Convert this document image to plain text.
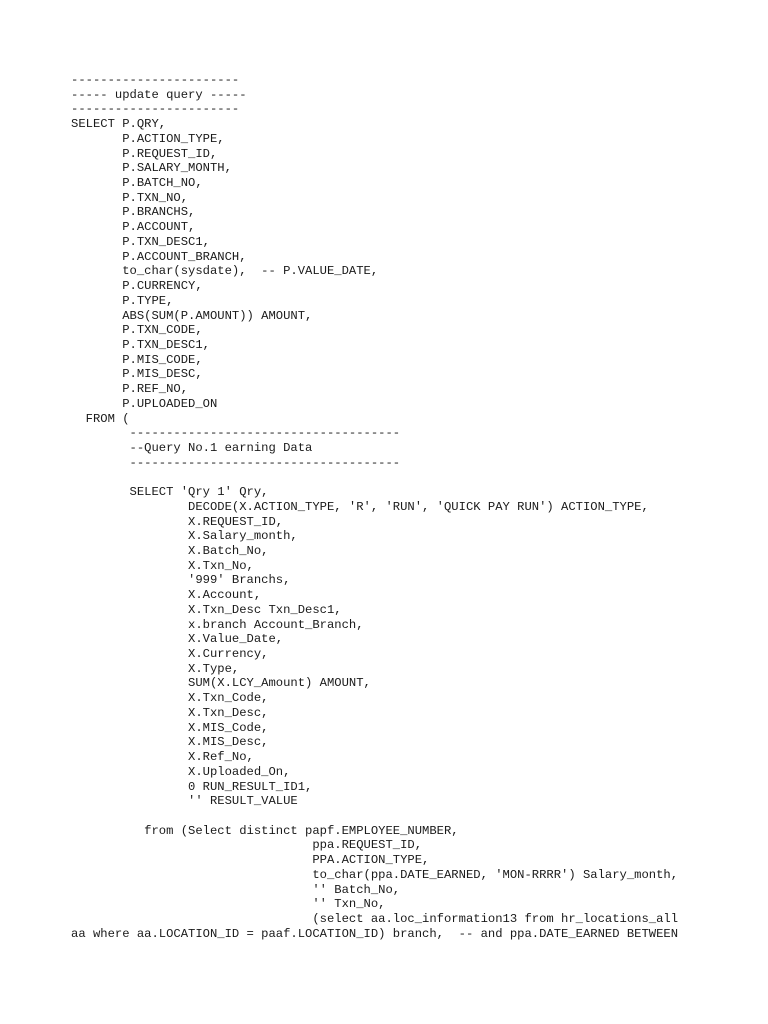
-----------------------
----- update query -----
-----------------------
SELECT P.QRY,
P.ACTION_TYPE,
P.REQUEST_ID,
P.SALARY_MONTH,
P.BATCH_NO,
P.TXN_NO,
P.BRANCHS,
P.ACCOUNT,
P.TXN_DESC1,
P.ACCOUNT_BRANCH,
to_char(sysdate),  -- P.VALUE_DATE,
P.CURRENCY,
P.TYPE,
ABS(SUM(P.AMOUNT)) AMOUNT,
P.TXN_CODE,
P.TXN_DESC1,
P.MIS_CODE,
P.MIS_DESC,
P.REF_NO,
P.UPLOADED_ON
FROM (
-------------------------------------
--Query No.1 earning Data
-------------------------------------
SELECT 'Qry 1' Qry,
DECODE(X.ACTION_TYPE, 'R', 'RUN', 'QUICK PAY RUN') ACTION_TYPE,
X.REQUEST_ID,
X.Salary_month,
X.Batch_No,
X.Txn_No,
'999' Branchs,
X.Account,
X.Txn_Desc Txn_Desc1,
x.branch Account_Branch,
X.Value_Date,
X.Currency,
X.Type,
SUM(X.LCY_Amount) AMOUNT,
X.Txn_Code,
X.Txn_Desc,
X.MIS_Code,
X.MIS_Desc,
X.Ref_No,
X.Uploaded_On,
0 RUN_RESULT_ID1,
'' RESULT_VALUE
from (Select distinct papf.EMPLOYEE_NUMBER,
ppa.REQUEST_ID,
PPA.ACTION_TYPE,
to_char(ppa.DATE_EARNED, 'MON-RRRR') Salary_month,
'' Batch_No,
'' Txn_No,
(select aa.loc_information13 from hr_locations_all
aa where aa.LOCATION_ID = paaf.LOCATION_ID) branch,  -- and ppa.DATE_EARNED BETWEEN
